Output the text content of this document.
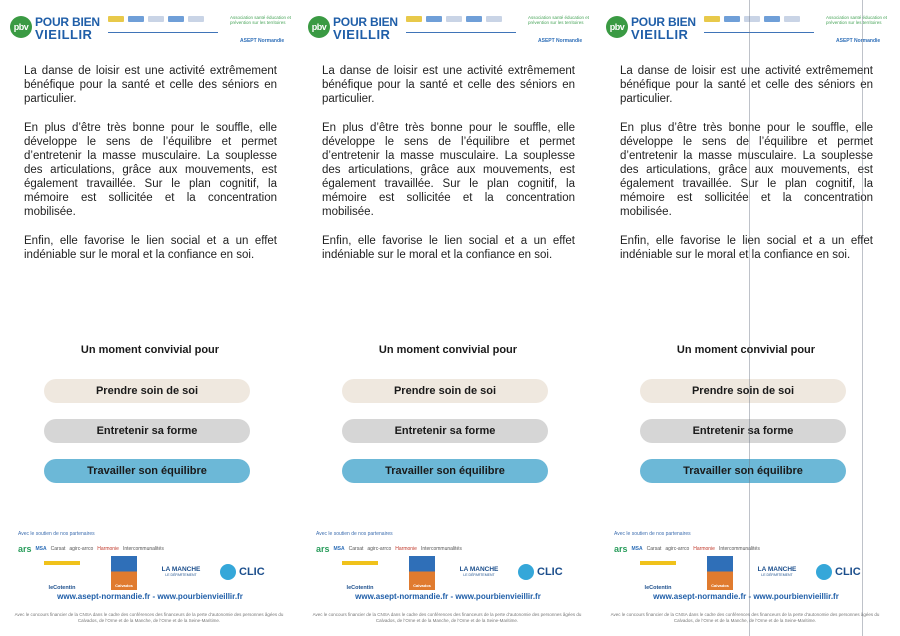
pbv POUR BIEN
VIEILLIR
Association santé éducation et prévention sur les territoires
ASEPT Normandie

La danse de loisir est une activité extrêmement bénéfique pour la santé et celle des séniors en particulier.

En plus d’être très bonne pour le souffle, elle développe le sens de l’équilibre et permet d’entretenir la masse musculaire. La souplesse des articulations, grâce aux mouvements, est également travaillée. Sur le plan cognitif, la mémoire est sollicitée et la concentration mobilisée.

Enfin, elle favorise le lien social et a un effet indéniable sur le moral et la confiance en soi.

Un moment convivial pour
Prendre soin de soi
Entretenir sa forme
Travailler son équilibre
Avec le soutien de nos partenaires
ars MSA Carsat agirc-arrco Harmonie Intercommunalités
leCotentin	Calvados
LA MANCHE
LE DÉPARTEMENT	CLIC
www.asept-normandie.fr - www.pourbienvieillir.fr
Avec le concours financier de la CNSA dans le cadre des conférences des financeurs de la perte d’autonomie des personnes âgées du Calvados, de l’Orne et de la Manche, de l’Orne et de la Seine-Maritime.
pbv POUR BIEN
VIEILLIR
Association santé éducation et prévention sur les territoires
ASEPT Normandie

La danse de loisir est une activité extrêmement bénéfique pour la santé et celle des séniors en particulier.

En plus d’être très bonne pour le souffle, elle développe le sens de l’équilibre et permet d’entretenir la masse musculaire. La souplesse des articulations, grâce aux mouvements, est également travaillée. Sur le plan cognitif, la mémoire est sollicitée et la concentration mobilisée.

Enfin, elle favorise le lien social et a un effet indéniable sur le moral et la confiance en soi.

Un moment convivial pour
Prendre soin de soi
Entretenir sa forme
Travailler son équilibre
Avec le soutien de nos partenaires
ars MSA Carsat agirc-arrco Harmonie Intercommunalités
leCotentin	Calvados
LA MANCHE
LE DÉPARTEMENT	CLIC
www.asept-normandie.fr - www.pourbienvieillir.fr
Avec le concours financier de la CNSA dans le cadre des conférences des financeurs de la perte d’autonomie des personnes âgées du Calvados, de l’Orne et de la Manche, de l’Orne et de la Seine-Maritime.
pbv POUR BIEN
VIEILLIR
Association santé éducation et prévention sur les territoires
ASEPT Normandie

La danse de loisir est une activité extrêmement bénéfique pour la santé et celle des séniors en particulier.

En plus d’être très bonne pour le souffle, elle développe le sens de l’équilibre et permet d’entretenir la masse musculaire. La souplesse des articulations, grâce aux mouvements, est également travaillée. Sur le plan cognitif, la mémoire est sollicitée et la concentration mobilisée.

Enfin, elle favorise le lien social et a un effet indéniable sur le moral et la confiance en soi.

Un moment convivial pour
Prendre soin de soi
Entretenir sa forme
Travailler son équilibre
Avec le soutien de nos partenaires
ars MSA Carsat agirc-arrco Harmonie Intercommunalités
leCotentin	Calvados
LA MANCHE
LE DÉPARTEMENT	CLIC
www.asept-normandie.fr - www.pourbienvieillir.fr
Avec le concours financier de la CNSA dans le cadre des conférences des financeurs de la perte d’autonomie des personnes âgées du Calvados, de l’Orne et de la Manche, de l’Orne et de la Seine-Maritime.
